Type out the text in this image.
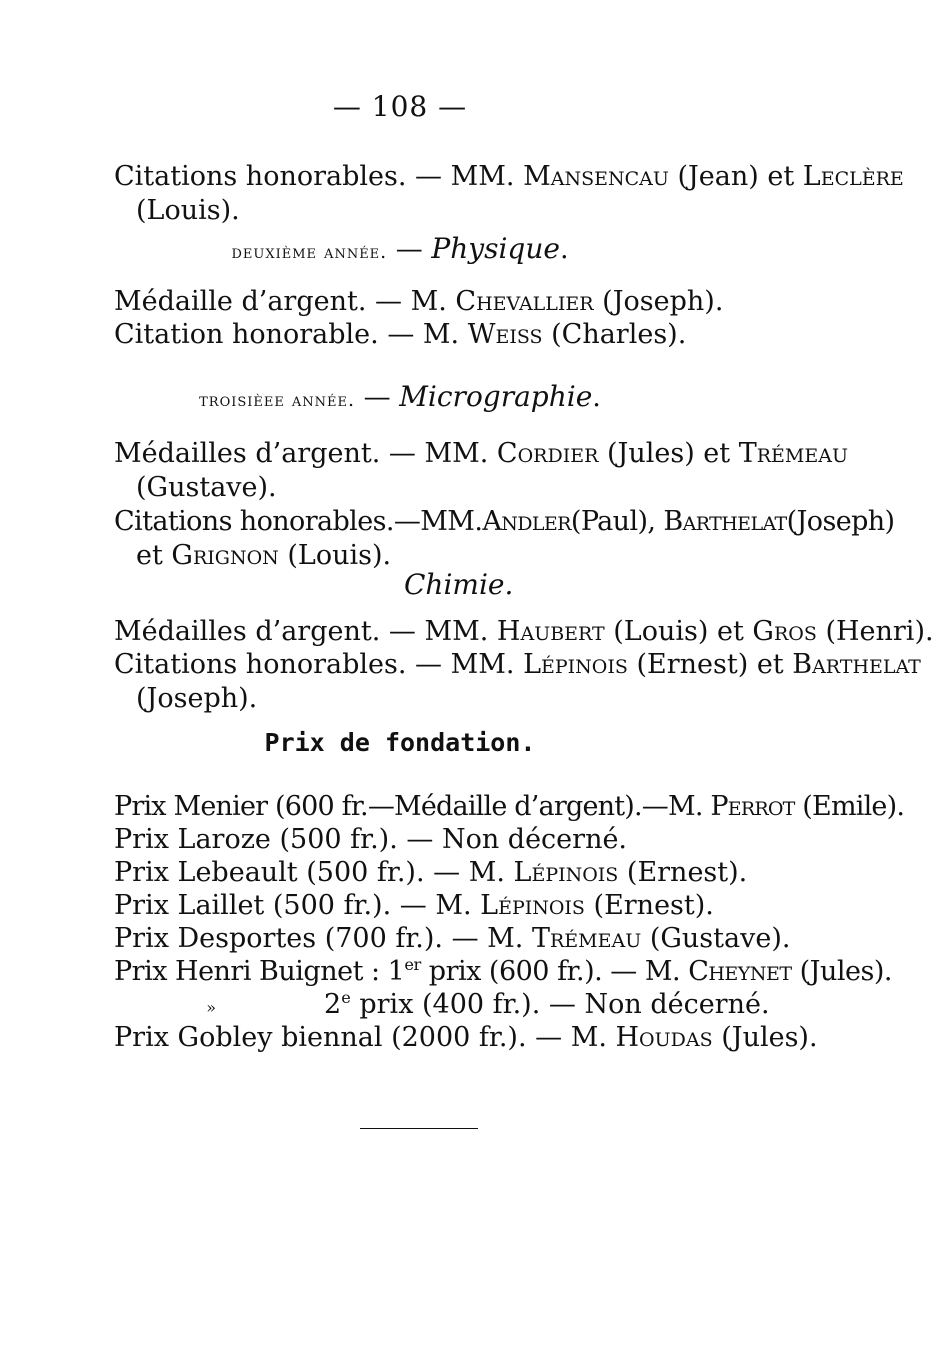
— 108 —
Citations honorables. — MM. Mansencau (Jean) et Leclère
(Louis).
deuxième année. — Physique.
Médaille d’argent. — M. Chevallier (Joseph).
Citation honorable. — M. Weiss (Charles).
troisièee année. — Micrographie.
Médailles d’argent. — MM. Cordier (Jules) et Trémeau
(Gustave).
Citations honorables.—MM.Andler(Paul), Barthelat(Joseph)
et Grignon (Louis).
Chimie.
Médailles d’argent. — MM. Haubert (Louis) et Gros (Henri).
Citations honorables. — MM. Lépinois (Ernest) et Barthelat
(Joseph).
Prix de fondation.
Prix Menier (600 fr.—Médaille d’argent).—M. Perrot (Emile).
Prix Laroze (500 fr.). — Non décerné.
Prix Lebeault (500 fr.). — M. Lépinois (Ernest).
Prix Laillet (500 fr.). — M. Lépinois (Ernest).
Prix Desportes (700 fr.). — M. Trémeau (Gustave).
Prix Henri Buignet : 1er prix (600 fr.). — M. Cheynet (Jules).
»	2e prix (400 fr.). — Non décerné.
Prix Gobley biennal (2000 fr.). — M. Houdas (Jules).
